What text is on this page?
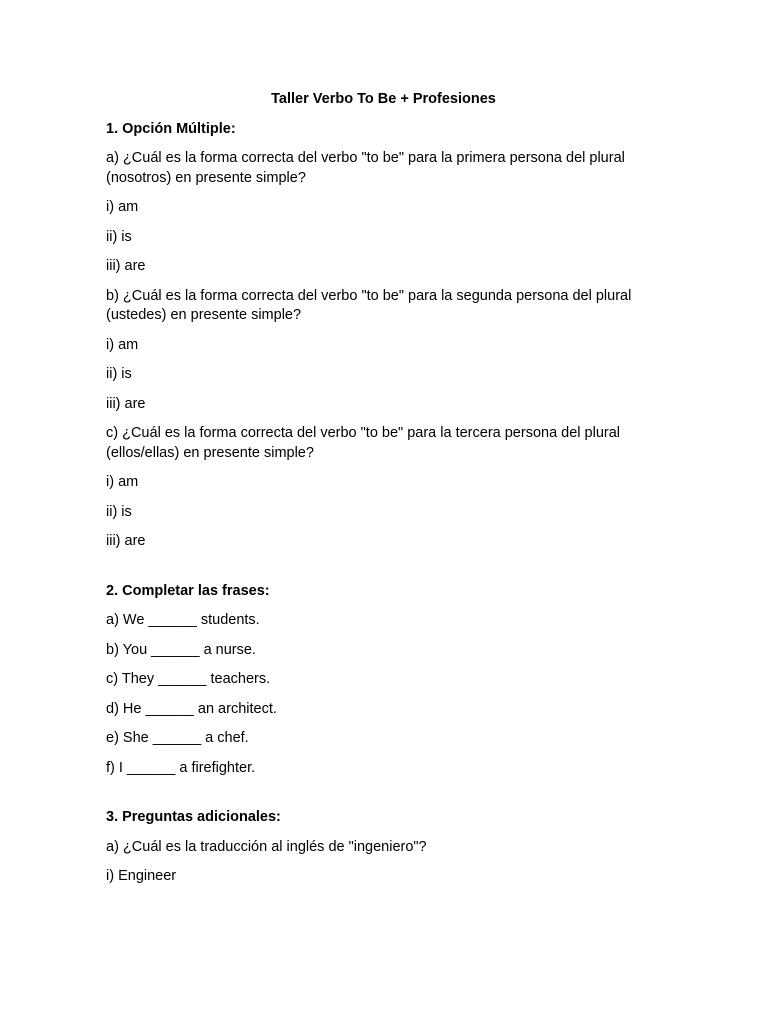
Taller Verbo To Be + Profesiones
1. Opción Múltiple:
a) ¿Cuál es la forma correcta del verbo "to be" para la primera persona del plural (nosotros) en presente simple?
i) am
ii) is
iii) are
b) ¿Cuál es la forma correcta del verbo "to be" para la segunda persona del plural (ustedes) en presente simple?
i) am
ii) is
iii) are
c) ¿Cuál es la forma correcta del verbo "to be" para la tercera persona del plural (ellos/ellas) en presente simple?
i) am
ii) is
iii) are
2. Completar las frases:
a) We ______ students.
b) You ______ a nurse.
c) They ______ teachers.
d) He ______ an architect.
e) She ______ a chef.
f) I ______ a firefighter.
3. Preguntas adicionales:
a) ¿Cuál es la traducción al inglés de "ingeniero"?
i) Engineer
